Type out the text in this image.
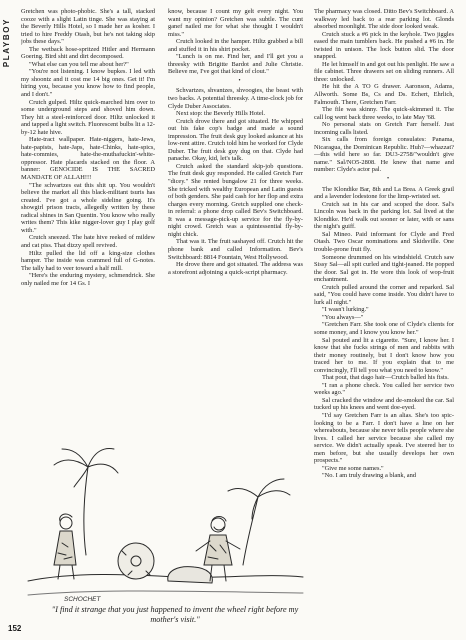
PLAYBOY

Gretchen was photo-phobic. She's a tall, stacked cooze with a slight Latin tinge. She was staying at the Beverly Hills Hotel, so I made her as kosher. I tried to hire Freddy Otash, but he's not taking skip jobs these days."

The wetback hose-spritzed Hitler and Hermann Goering. Bird shit and dirt decomposed.

"What else can you tell me about her?"

"You're not listening. I know bupkes. I led with my shoontz and it cost me 14 big ones. Get it! I'm hiring you, because you know how to find people, and I don't."

Crutch gulped. Hiltz quick-marched him over to some underground steps and shoved him down. They hit a steel-reinforced door. Hiltz unlocked it and tapped a light switch. Fluorescent bulbs lit a 12-by-12 hate hive.

Hate-tract wallpaper. Hate-niggers, hate-Jews, hate-papists, hate-Japs, hate-Chinks, hate-spics, hate-commies, hate-the-muthafuckin'-white-oppressor. Hate placards stacked on the floor. A banner: GENOCIDE IS THE SACRED MANDATE OF ALLAH!!!

"The schvartzes eat this shit up. You wouldn't believe the market all this black-militant tsuris has created. I've got a whole sideline going. It's showgirl prison tracts, allegedly written by these radical shines in San Quentin. You know who really writes them? This kike nigger-lover guy I play golf with."

Crutch sneezed. The hate hive reeked of mildew and cat piss. That dizzy spell revived.

Hiltz pulled the lid off a king-size clothes hamper. The inside was crammed full of G-notes. The tally had to veer toward a half mill.

"Here's the enduring mystery, schmendrick. She only nailed me for 14 Gs. I

know, because I count my gelt every night. You want my opinion? Gretchen was subtle. The cunt ganef nailed me for what she thought I wouldn't miss."

Crutch looked in the hamper. Hiltz grabbed a bill and stuffed it in his shirt pocket.

"Lunch is on me. Find her, and I'll get you a threesky with Brigitte Bardot and Julie Christie. Believe me, I've got that kind of clout."

•

Schvartzes, shvantzes, shvoogies, the beast with two backs. A potential threesky. A time-clock job for Clyde Duber Associates.

Next stop: the Beverly Hills Hotel.

Crutch drove there and got situated. He whipped out his fake cop's badge and made a sound impression. The fruit desk guy looked askance at his low-rent attire. Crutch told him he worked for Clyde Duber. The fruit desk guy dug on that. Clyde had panache. Okay, kid, let's talk.

Crutch asked the standard skip-job questions. The fruit desk guy responded. He called Gretch Farr "dicey." She rented bungalow 21 for three weeks. She tricked with wealthy European and Latin guests of both genders. She paid cash for her flop and extra charges every morning. Gretch supplied one check-in referral: a phone drop called Bev's Switchboard. It was a message-pick-up service for the fly-by-night crowd. Gretch was a quintessential fly-by-night chick.

That was it. The fruit sashayed off. Crutch hit the phone bank and called Information. Bev's Switchboard: 8814 Fountain, West Hollywood.

He drove there and got situated. The address was a storefront adjoining a quick-script pharmacy.

The pharmacy was closed. Ditto Bev's Switchboard. A walkway led back to a rear parking lot. Glonds absorbed moonlight. The side door looked weak.

Crutch stuck a #6 pick in the keyhole. Two jiggles eased the main tumblers back. He pushed a #6 in. He twisted in unison. The lock button slid. The door snapped.

He let himself in and got out his penlight. He saw a file cabinet. Three drawers set on sliding runners. All three: unlocked.

He hit the A TO G drawer. Aaronson, Adams, Allworth. Some Bs, Cs and Ds. Echert, Ehrlich, Falmouth. There, Gretchen Farr.

The file was skinny. The quick-skimmed it. The call log went back three weeks, to late May '68.

No personal stats on Gretch Farr herself. Just incoming calls listed.

Six calls from foreign consulates: Panama, Nicaragua, the Dominican Republic. Huh?—whazzat?—this wild here so far. DU3-2758/"wouldn't give name." Sal/NO5-2808. He knew that name and number: Clyde's actor pal.

•

The Klondike Bar, 8th and La Brea. A Greek grail and a lavender lodestone for the limp-wristed set.

Crutch sat in his car and scoped the door. Sal's Lincoln was back in the parking lot. Sal lived at the Klondike. He'd walk out sooner or later, with or sans the night's guiff.

Sal Mineo. Paid informant for Clyde and Fred Otash. Two Oscar nominations and Skidsville. One trouble-prone fruit fly.

Someone drummed on his windshield. Crutch saw Sissy Sal—all spit curled and tight-jeaned. He popped the door. Sal got in. He wore this look of wop-fruit enchantment.

Crutch pulled around the corner and reparked. Sal said, "You could have come inside. You didn't have to lurk all night."

"I wasn't lurking."

"You always—"

"Gretchen Farr. She took one of Clyde's clients for some money, and I know you know her."

Sal pouted and lit a cigarette. "Sure, I know her. I know that she fucks strings of men and rabbits with their money routinely, but I don't know how you traced her to me. If you explain that to me convincingly, I'll tell you what you need to know."

That pout, that dago hair—Crutch balled his fists.

"I ran a phone check. You called her service two weeks ago."

Sal cracked the window and de-smoked the car. Sal tucked up his knees and went doe-eyed.

"I'd say Gretchen Farr is an alias. She's too spic-looking to be a Farr. I don't have a line on her whereabouts, because she never tells people where she lives. I called her service because she called my service. We didn't actually speak. I've steered her to men before, but she usually develops her own prospects."

"Give me some names."

"No. I am truly drawing a blank, and

SCHOCHET
"I find it strange that you just happened to invent the wheel right before my mother's visit."
152
